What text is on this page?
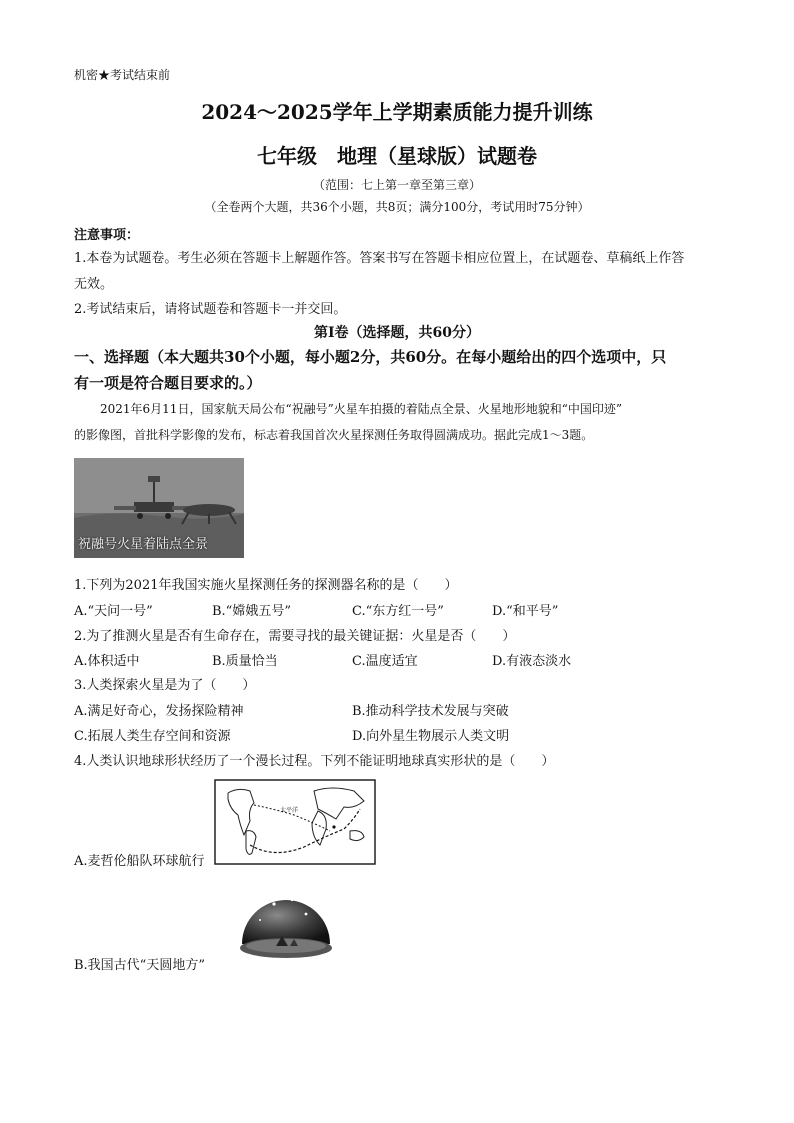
机密★考试结束前
2024～2025学年上学期素质能力提升训练
七年级　地理（星球版）试题卷
（范围：七上第一章至第三章）
（全卷两个大题，共36个小题，共8页；满分100分，考试用时75分钟）
注意事项：
1.本卷为试题卷。考生必须在答题卡上解题作答。答案书写在答题卡相应位置上，在试题卷、草稿纸上作答
无效。
2.考试结束后，请将试题卷和答题卡一并交回。
第Ⅰ卷（选择题，共60分）
一、选择题（本大题共30个小题，每小题2分，共60分。在每小题给出的四个选项中，只
有一项是符合题目要求的。）
2021年6月11日，国家航天局公布“祝融号”火星车拍摄的着陆点全景、火星地形地貌和“中国印迹”
的影像图，首批科学影像的发布，标志着我国首次火星探测任务取得圆满成功。据此完成1～3题。
祝融号火星着陆点全景
1.下列为2021年我国实施火星探测任务的探测器名称的是（　　）
A.“天问一号”	B.“嫦娥五号”	C.“东方红一号”	D.“和平号”
2.为了推测火星是否有生命存在，需要寻找的最关键证据：火星是否（　　）
A.体积适中	B.质量恰当	C.温度适宜	D.有液态淡水
3.人类探索火星是为了（　　）
A.满足好奇心，发扬探险精神	B.推动科学技术发展与突破
C.拓展人类生存空间和资源	D.向外星生物展示人类文明
4.人类认识地球形状经历了一个漫长过程。下列不能证明地球真实形状的是（　　）
太平洋
A.麦哲伦船队环球航行
B.我国古代“天圆地方”
